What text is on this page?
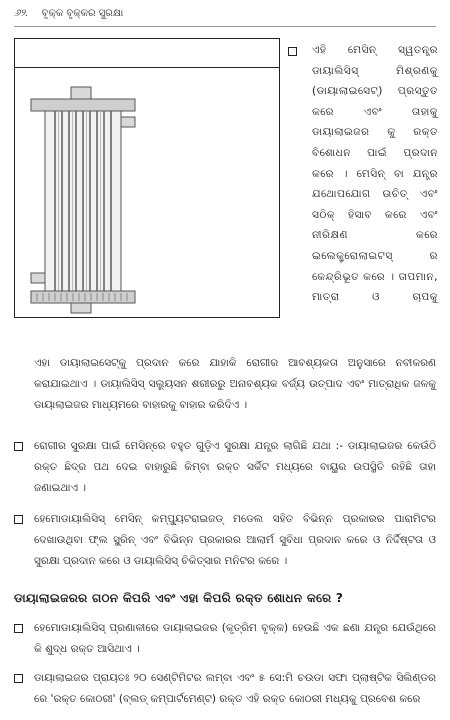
୬୨. ବୃକ୍କ ବୃକ୍କର ସୁରକ୍ଷା
ଏହି ମେସିନ୍ ସ୍ୱତନ୍ତ୍ର ଡାୟାଲିସିସ୍ ମିଶ୍ରଣକୁ (ଡାୟାଲାଇସେଟ୍) ପ୍ରସ୍ତୁତ କରେ ଏବଂ ତାହାକୁ ଡାୟାଲାଇଜର କୁ ରକ୍ତ ବିଶୋଧନ ପାଇଁ ପ୍ରଦାନ କରେ । ମେସିନ୍ ବା ଯନ୍ତ୍ର ଯଥୋପଯୋଗ ଉଚିତ୍ ଏବଂ ସଠିକ୍ ହିସାବ କରେ ଏବଂ ନୀରିକ୍ଷଣ କରେ ଇଲେକ୍ଟ୍ରୋଲାଇଟସ୍ ର କେନ୍ଦ୍ରିଭୂତ କରେ । ତାପମାନ, ମାତ୍ରା ଓ ଚାପକୁ
ଏହା ଡାୟାଲାଇସେଟ୍‌କୁ ପ୍ରଦାନ କରେ ଯାହାକି ରୋଗୀର ଆବଶ୍ୟକତା ଅନୁସାରେ ନବୀକରଣ କରାଯାଇଥାଏ । ଡାୟାଲିସିସ୍ ସଲ୍ୟୁସନ ଶରୀରରୁ ଅନାବଶ୍ୟକ ବର୍ଜ୍ୟ ଉତ୍ପାଦ ଏବଂ ମାତ୍ରାଧିକ ଜଳକୁ ଡାୟାଲାଇଜର ମାଧ୍ୟମରେ ବାହାରକୁ ବାହାର କରିଦିଏ ।
ରୋଗୀର ସୁରକ୍ଷା ପାଇଁ ମେସିନ୍‌ରେ ବହୁତ ଗୁଡ଼ିଏ ସୁରକ୍ଷା ଯନ୍ତ୍ର ଲାଗିଛି ଯଥା :- ଡାୟାଲାଇଜର କେଉଁଠି ରକ୍ତ ଛିଦ୍ର ପଥ ଦେଇ ବାହାରୁଛି କିମ୍ବା ରକ୍ତ ସର୍କିଟ ମଧ୍ୟରେ ବାୟୁର ଉପସ୍ଥିତି ରହିଛି ତାହା ଜଣାଇଥାଏ ।
ହେମୋଡାୟାଲିସିସ୍ ମେସିନ୍ କମ୍ପ୍ୟୁଟରାଇଜଡ୍ ମଡେଲ ସହିତ ବିଭିନ୍ନ ପ୍ରକାରର ପାରାମିଟର ଦେଖାଉଥିବା ଫ୍ଲ ସ୍କ୍ରିନ୍ ଏବଂ ବିଭିନ୍ନ ପ୍ରକାରର ଆଲାର୍ମ ସୁବିଧା ପ୍ରଦାନ କରେ ଓ ନିର୍ଦ୍ଦିଷ୍ଟତା ଓ ସୁରକ୍ଷା ପ୍ରଦାନ କରେ ଓ ଡାୟାଲିସିସ୍ ଚିକିତ୍ସାର ମନିଟର କରେ ।
ଡାୟାଲାଇଜରର ଗଠନ କିପରି ଏବଂ ଏହା କିପରି ରକ୍ତ ଶୋଧନ କରେ ?
ହେମୋଡାୟାଲିସିସ୍ ପ୍ରଣାଳୀରେ ଡାୟାଲାଇଜର (କୃତ୍ରିମ ବୃକ୍କ) ହେଉଛି ଏକ ଛଣା ଯନ୍ତ୍ର ଯେଉଁଥିରେ କି ଶୁଦ୍ଧ ରକ୍ତ ଆସିଥାଏ ।
ଡାୟାଲାଇଜର ପ୍ରାୟତଃ ୨୦ ସେଣ୍ଟିମିଟର ଲମ୍ବା ଏବଂ ୫ ସେ:ମି ଚଉଡା ସଫା ପ୍ଲାଷ୍ଟିକ ସିଲିଣ୍ଡର ରେ 'ରକ୍ତ କୋଠରୀ' (ବ୍ଲଡ୍ କମ୍ପାର୍ଟମେଣ୍ଟ) ରକ୍ତ ଏହି ରକ୍ତ କୋଠରୀ ମଧ୍ୟକୁ ପ୍ରବେଶ କରେ
